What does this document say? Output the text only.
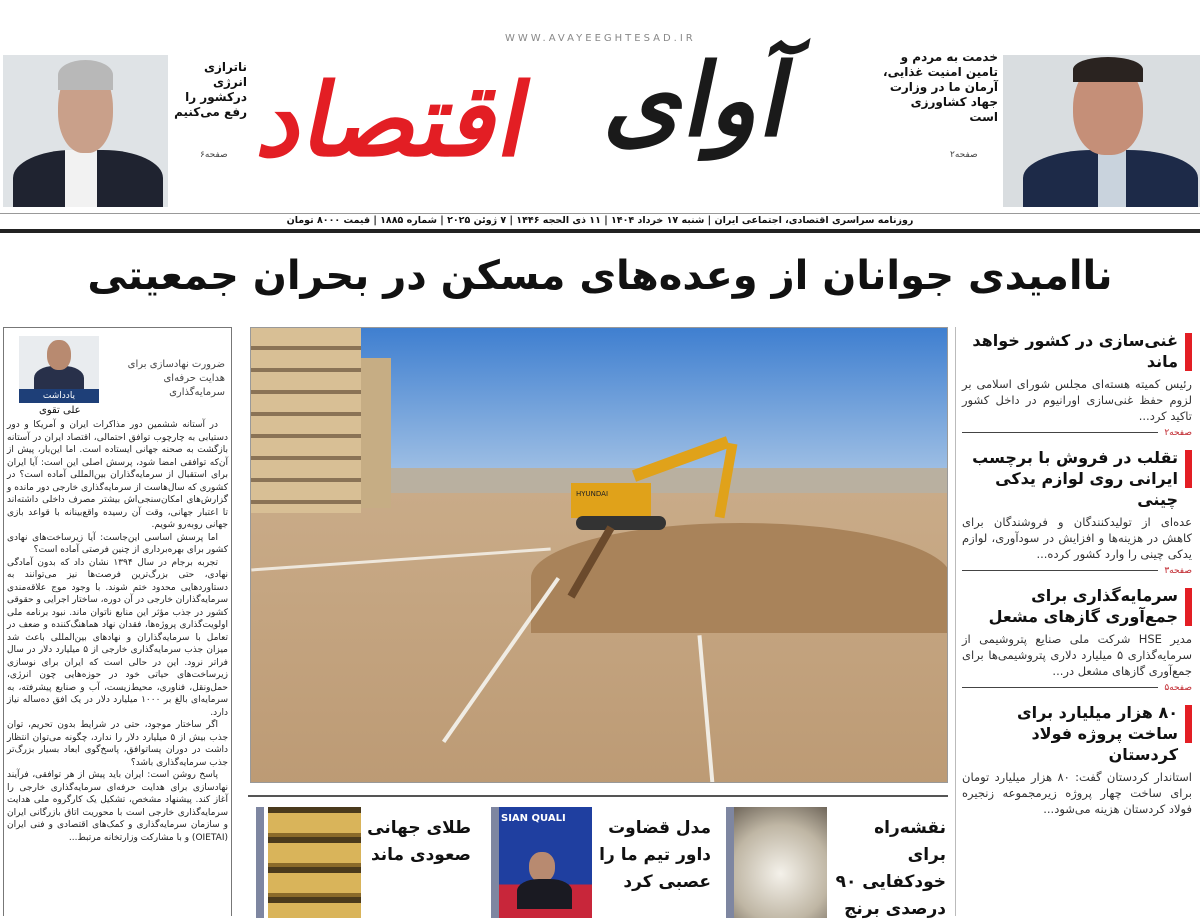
ناترازی انرژی درکشور را رفع می‌کنیم
صفحه۶
WWW.AVAYEEGHTESAD.IR
اقتصاد آوای	خدمت به مردم و تامین امنیت غذایی، آرمان ما در وزارت جهاد کشاورزی است
صفحه۲
روزنامه سراسری اقتصادی، اجتماعی ایران | شنبه ۱۷ خرداد ۱۴۰۴ | ۱۱ ذی الحجه ۱۴۴۶ | ۷ ژوئن ۲۰۲۵ | شماره ۱۸۸۵ | قیمت ۸۰۰۰ تومان
ناامیدی جوانان از وعده‌های مسکن در بحران جمعیتی
ضرورت نهادسازی برای هدایت حرفه‌ای سرمایه‌گذاری
یادداشت
علی تقوی

در آستانه ششمین دور مذاکرات ایران و آمریکا و دور دستیابی به چارچوب توافق احتمالی، اقتصاد ایران در آستانه بازگشت به صحنه جهانی ایستاده است. اما این‌بار، پیش از آن‌که توافقی امضا شود، پرسش اصلی این است: آیا ایران برای استقبال از سرمایه‌گذاران بین‌المللی آماده است؟ در کشوری که سال‌هاست از سرمایه‌گذاری خارجی دور مانده و گزارش‌های امکان‌سنجی‌اش بیشتر مصرف داخلی داشته‌اند تا اعتبار جهانی، وقت آن رسیده واقع‌بینانه با قواعد بازی جهانی روبه‌رو شویم.

اما پرسش اساسی این‌جاست: آیا زیرساخت‌های نهادی کشور برای بهره‌برداری از چنین فرصتی آماده است؟

تجربه برجام در سال ۱۳۹۴ نشان داد که بدون آمادگی نهادی، حتی بزرگ‌ترین فرصت‌ها نیز می‌توانند به دستاوردهایی محدود ختم شوند. با وجود موج علاقه‌مندی سرمایه‌گذاران خارجی در آن دوره، ساختار اجرایی و حقوقی کشور در جذب مؤثر این منابع ناتوان ماند. نبود برنامه ملی اولویت‌گذاری پروژه‌ها، فقدان نهاد هماهنگ‌کننده و ضعف در تعامل با سرمایه‌گذاران و نهادهای بین‌المللی باعث شد میزان جذب سرمایه‌گذاری خارجی از ۵ میلیارد دلار در سال فراتر نرود. این در حالی است که ایران برای نوسازی زیرساخت‌های حیاتی خود در حوزه‌هایی چون انرژی، حمل‌ونقل، فناوری، محیط‌زیست، آب و صنایع پیشرفته، به سرمایه‌ای بالغ بر ۱۰۰۰ میلیارد دلار در یک افق ده‌ساله نیاز دارد.

اگر ساختار موجود، حتی در شرایط بدون تحریم، توان جذب بیش از ۵ میلیارد دلار را ندارد، چگونه می‌توان انتظار داشت در دوران پساتوافق، پاسخ‌گوی ابعاد بسیار بزرگ‌تر جذب سرمایه‌گذاری باشد؟

پاسخ روشن است: ایران باید پیش از هر توافقی، فرآیند نهادسازی برای هدایت حرفه‌ای سرمایه‌گذاری خارجی را آغاز کند. پیشنهاد مشخص، تشکیل یک کارگروه ملی هدایت سرمایه‌گذاری خارجی است با محوریت اتاق بازرگانی ایران و سازمان سرمایه‌گذاری و کمک‌های اقتصادی و فنی ایران (OIETAI) و با مشارکت وزارتخانه مرتبط...

HYUNDAI
نقشه‌راه برای خودکفایی ۹۰ درصدی برنج
SIAN QUALI	مدل قضاوت داور تیم ما را عصبی کرد
طلای جهانی صعودی ماند
غنی‌سازی در کشور خواهد ماند

رئیس کمیته هسته‌ای مجلس شورای اسلامی بر لزوم حفظ غنی‌سازی اورانیوم در داخل کشور تاکید کرد...

صفحه۲
تقلب در فروش با برچسب ایرانی روی لوازم یدکی چینی

عده‌ای از تولیدکنندگان و فروشندگان برای کاهش در هزینه‌ها و افزایش در سودآوری، لوازم یدکی چینی را وارد کشور کرده...

صفحه۳
سرمایه‌گذاری برای جمع‌آوری گازهای مشعل

مدیر HSE شرکت ملی صنایع پتروشیمی از سرمایه‌گذاری ۵ میلیارد دلاری پتروشیمی‌ها برای جمع‌آوری گازهای مشعل در...

صفحه۵
۸۰ هزار میلیارد برای ساخت پروژه فولاد کردستان

استاندار کردستان گفت: ۸۰ هزار میلیارد تومان برای ساخت چهار پروژه زیرمجموعه زنجیره فولاد کردستان هزینه می‌شود...
